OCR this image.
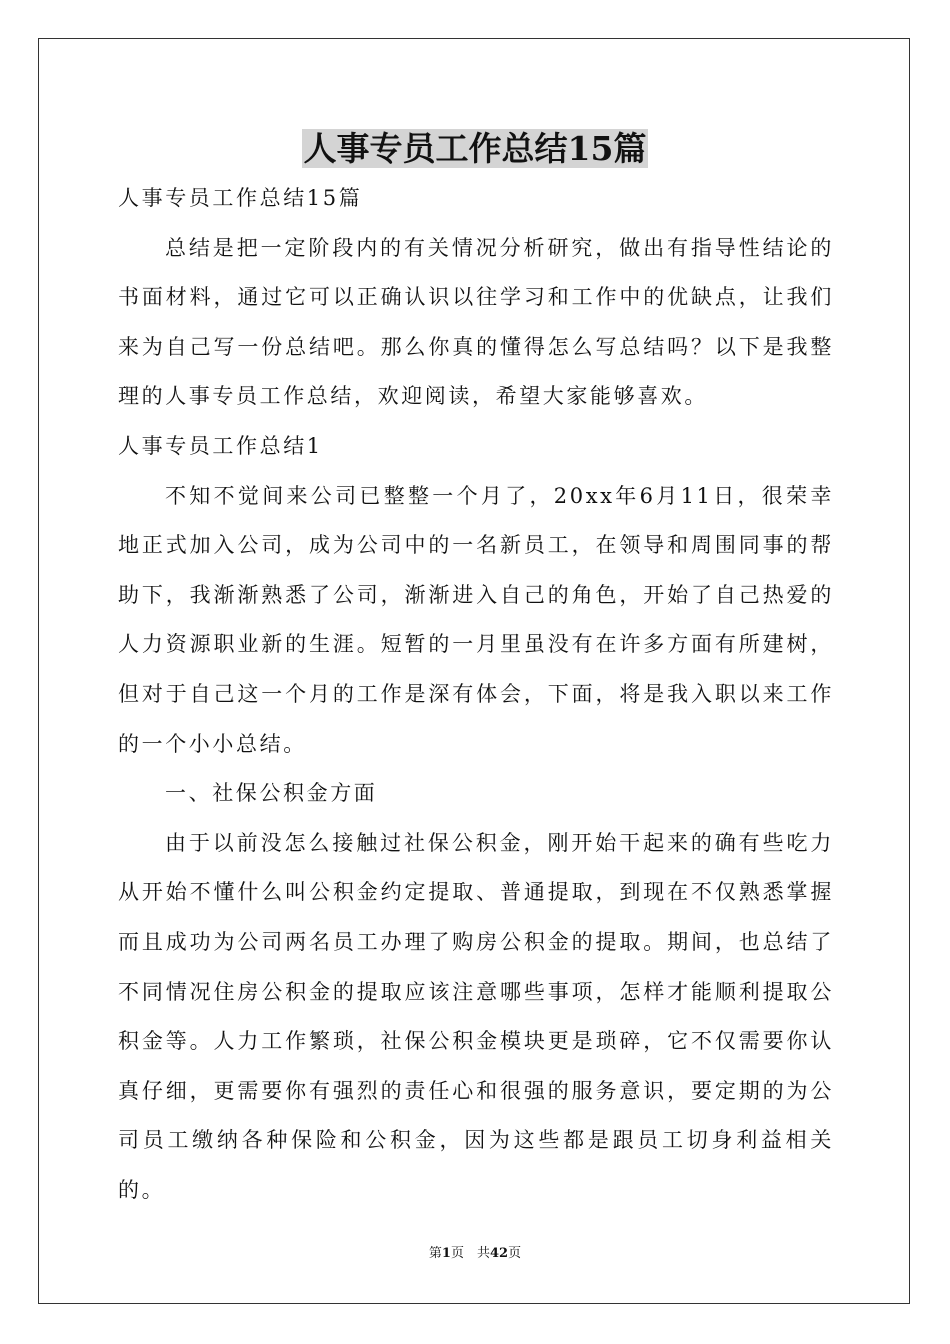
人事专员工作总结15篇

人事专员工作总结15篇

总结是把一定阶段内的有关情况分析研究，做出有指导性结论的书面材料，通过它可以正确认识以往学习和工作中的优缺点，让我们来为自己写一份总结吧。那么你真的懂得怎么写总结吗？以下是我整理的人事专员工作总结，欢迎阅读，希望大家能够喜欢。

人事专员工作总结1

不知不觉间来公司已整整一个月了，20xx年6月11日，很荣幸地正式加入公司，成为公司中的一名新员工，在领导和周围同事的帮助下，我渐渐熟悉了公司，渐渐进入自己的角色，开始了自己热爱的人力资源职业新的生涯。短暂的一月里虽没有在许多方面有所建树，但对于自己这一个月的工作是深有体会，下面，将是我入职以来工作的一个小小总结。

一、社保公积金方面

由于以前没怎么接触过社保公积金，刚开始干起来的确有些吃力从开始不懂什么叫公积金约定提取、普通提取，到现在不仅熟悉掌握而且成功为公司两名员工办理了购房公积金的提取。期间，也总结了不同情况住房公积金的提取应该注意哪些事项，怎样才能顺利提取公积金等。人力工作繁琐，社保公积金模块更是琐碎，它不仅需要你认真仔细，更需要你有强烈的责任心和很强的服务意识，要定期的为公司员工缴纳各种保险和公积金，因为这些都是跟员工切身利益相关的。

第1页　共42页
